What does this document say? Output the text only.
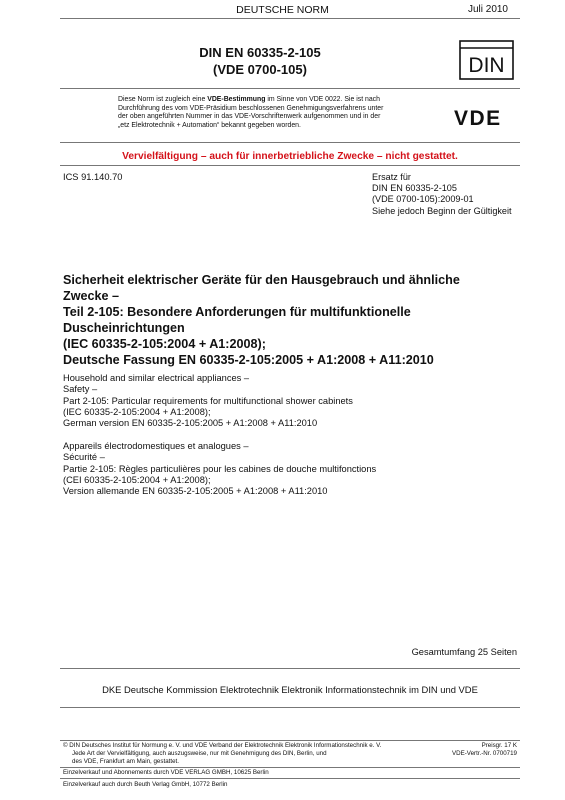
DEUTSCHE NORM	Juli 2010
DIN EN 60335-2-105
(VDE 0700-105)	DIN
Diese Norm ist zugleich eine VDE-Bestimmung im Sinne von VDE 0022. Sie ist nach
Durchführung des vom VDE-Präsidium beschlossenen Genehmigungsverfahrens unter
der oben angeführten Nummer in das VDE-Vorschriftenwerk aufgenommen und in der
„etz Elektrotechnik + Automation“ bekannt gegeben worden.	VDE
Vervielfältigung – auch für innerbetriebliche Zwecke – nicht gestattet.
ICS 91.140.70	Ersatz für
DIN EN 60335-2-105
(VDE 0700-105):2009-01
Siehe jedoch Beginn der Gültigkeit
Sicherheit elektrischer Geräte für den Hausgebrauch und ähnliche
Zwecke –
Teil 2-105: Besondere Anforderungen für multifunktionelle
Duscheinrichtungen
(IEC 60335-2-105:2004 + A1:2008);
Deutsche Fassung EN 60335-2-105:2005 + A1:2008 + A11:2010
Household and similar electrical appliances –
Safety –
Part 2-105: Particular requirements for multifunctional shower cabinets
(IEC 60335-2-105:2004 + A1:2008);
German version EN 60335-2-105:2005 + A1:2008 + A11:2010
Appareils électrodomestiques et analogues –
Sécurité –
Partie 2-105: Règles particulières pour les cabines de douche multifonctions
(CEI 60335-2-105:2004 + A1:2008);
Version allemande EN 60335-2-105:2005 + A1:2008 + A11:2010
Gesamtumfang 25 Seiten
DKE Deutsche Kommission Elektrotechnik Elektronik Informationstechnik im DIN und VDE
© DIN Deutsches Institut für Normung e. V. und VDE Verband der Elektrotechnik Elektronik Informationstechnik e. V.
Jede Art der Vervielfältigung, auch auszugsweise, nur mit Genehmigung des DIN, Berlin, und
des VDE, Frankfurt am Main, gestattet.
Preisgr. 17 K
VDE-Vertr.-Nr. 0700719
Einzelverkauf und Abonnements durch VDE VERLAG GMBH, 10625 Berlin
Einzelverkauf auch durch Beuth Verlag GmbH, 10772 Berlin
